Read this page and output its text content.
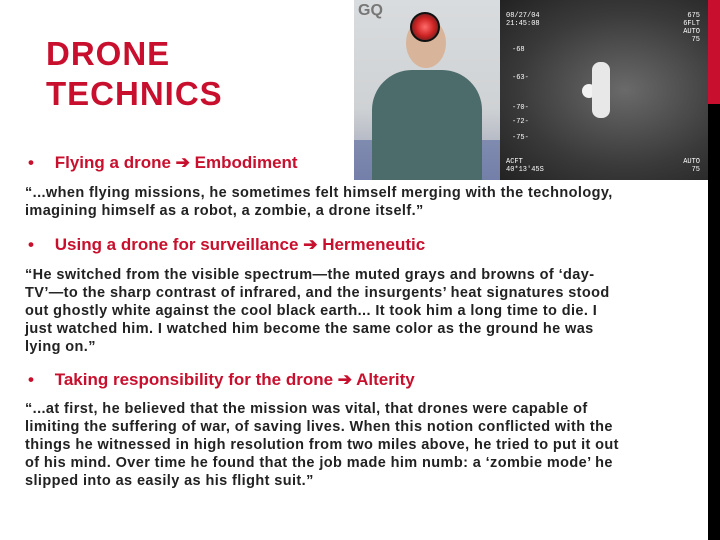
DRONE
TECHNICS
GQ	08/27/04
21:45:08
675
6FLT
AUTO
75
-68
-63-
-70-
-72-
-75-
ACFT
40*13'45S
AUTO
75
• Flying a drone ➔ Embodiment
“...when flying missions, he sometimes felt himself merging with the technology, imagining himself as a robot, a zombie, a drone itself.”
• Using a drone for surveillance ➔ Hermeneutic
“He switched from the visible spectrum—the muted grays and browns of ‘day-TV’—to the sharp contrast of infrared, and the insurgents’ heat signatures stood out ghostly white against the cool black earth... It took him a long time to die. I just watched him. I watched him become the same color as the ground he was lying on.”
• Taking responsibility for the drone ➔ Alterity
“...at first, he believed that the mission was vital, that drones were capable of limiting the suffering of war, of saving lives. When this notion conflicted with the things he witnessed in high resolution from two miles above, he tried to put it out of his mind. Over time he found that the job made him numb: a ‘zombie mode’ he slipped into as easily as his flight suit.”
